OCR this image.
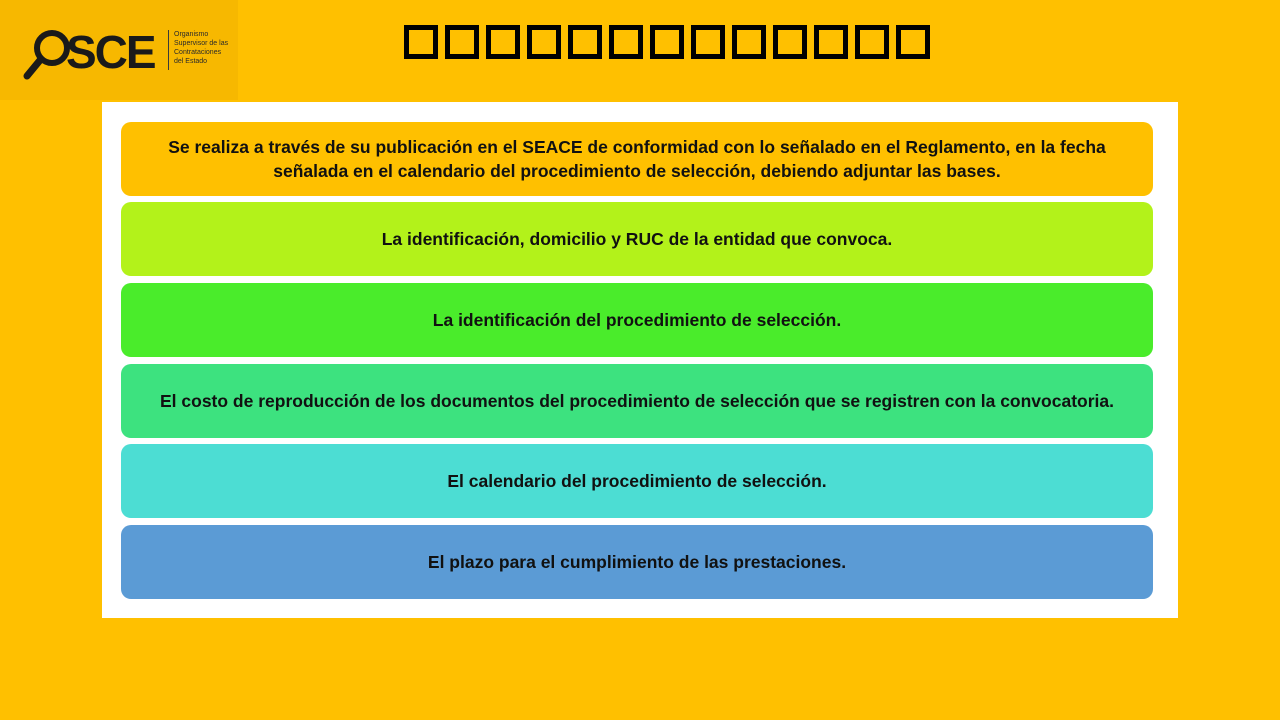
SCE	Organismo
Supervisor de las
Contrataciones
del Estado
Se realiza a través de su publicación en el SEACE de conformidad con lo señalado en el Reglamento, en la fecha señalada en el calendario del procedimiento de selección, debiendo adjuntar las bases.
La identificación, domicilio y RUC de la entidad que convoca.
La identificación del procedimiento de selección.
El costo de reproducción de los documentos del procedimiento de selección que se registren con la convocatoria.
El calendario del procedimiento de selección.
El plazo para el cumplimiento de las prestaciones.
